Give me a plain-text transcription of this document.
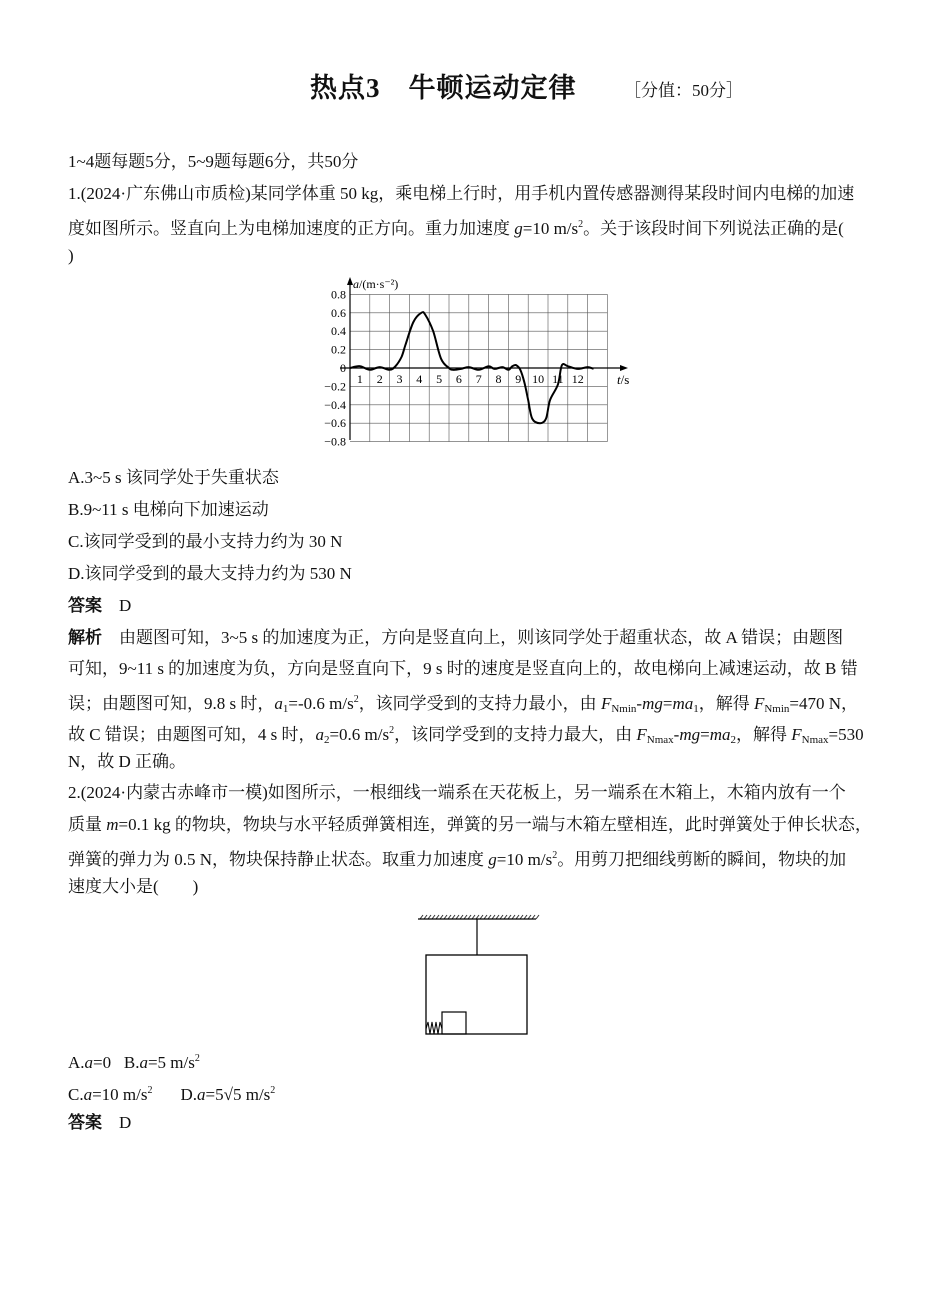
热点3　牛顿运动定律	［分值：50分］
1~4题每题5分，5~9题每题6分，共50分
1.(2024·广东佛山市质检)某同学体重 50 kg，乘电梯上行时，用手机内置传感器测得某段时间内电梯的加速
度如图所示。竖直向上为电梯加速度的正方向。重力加速度 g=10 $m/s^2$。关于该段时间下列说法正确的是(
)
0.8
0.6
0.4
0.2
0
−0.2
−0.4
−0.6
−0.8
1 2 3 4 5 6 7 8 9 10 11 12
a/(m·s⁻²)
t/s
A.3~5 s 该同学处于失重状态
B.9~11 s 电梯向下加速运动
C.该同学受到的最小支持力约为 30 N
D.该同学受到的最大支持力约为 530 N
答案 D
解析 由题图可知，3~5 s 的加速度为正，方向是竖直向上，则该同学处于超重状态，故 A 错误；由题图
可知，9~11 s 的加速度为负，方向是竖直向下，9 s 时的速度是竖直向上的，故电梯向上减速运动，故 B 错
误；由题图可知，9.8 s 时，$a_1=-0.6$ $m/s^2$，该同学受到的支持力最小，由 $F_{Nmin}-mg=ma_1$，解得 $F_{Nmin}=470$ N，
故 C 错误；由题图可知，4 s 时，$a_2=0.6$ $m/s^2$，该同学受到的支持力最大，由 $F_{Nmax}-mg=ma_2$，解得 $F_{Nmax}=530$
N，故 D 正确。
2.(2024·内蒙古赤峰市一模)如图所示，一根细线一端系在天花板上，另一端系在木箱上，木箱内放有一个
质量 m=0.1 kg 的物块，物块与水平轻质弹簧相连，弹簧的另一端与木箱左壁相连，此时弹簧处于伸长状态，
弹簧的弹力为 0.5 N，物块保持静止状态。取重力加速度 g=10 $m/s^2$。用剪刀把细线剪断的瞬间，物块的加
速度大小是(　　)
A.a=0 B.a=5 $m/s^2$
C.a=10 $m/s^2$ D.a=5√5 $m/s^2$
答案 D
